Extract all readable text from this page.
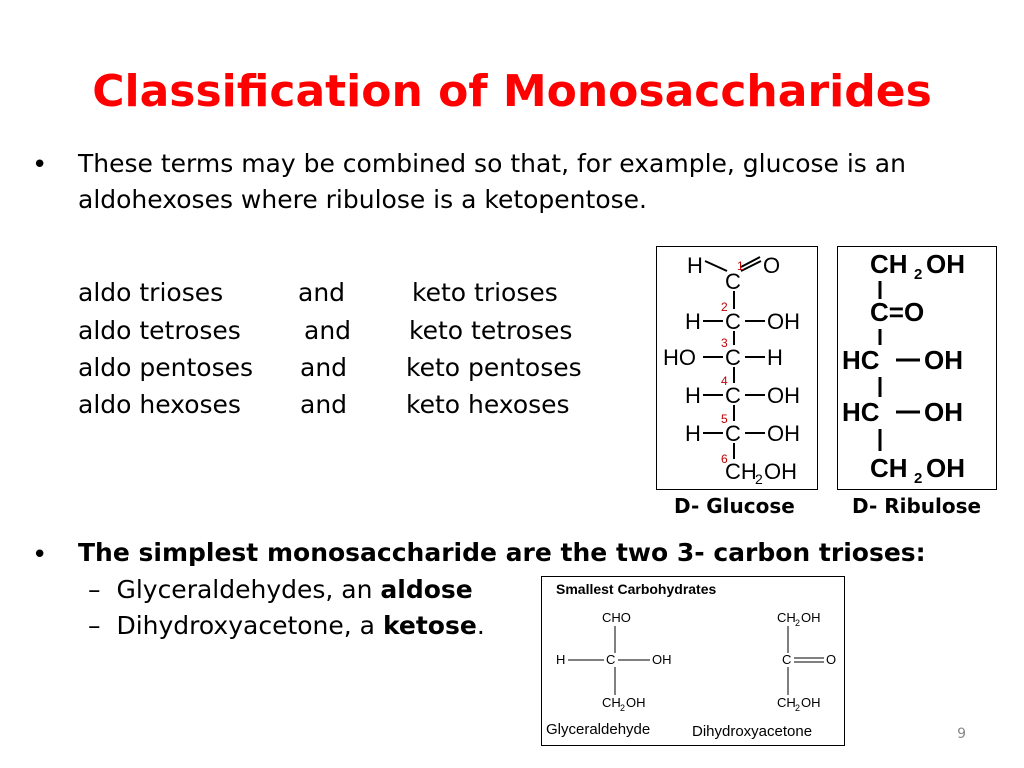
Classification of Monosaccharides
• These terms may be combined so that, for example, glucose is an aldohexoses where ribulose is a ketopentose.
aldo trioses	and	keto trioses
aldo tetroses	and keto tetroses
aldo pentoses and keto pentoses
aldo hexoses and keto hexoses
H	O
C
1
2
H C OH
3
HO C H
4
H C OH
5
H C OH
6
CH
2 OH
D- Glucose
CH 2 OH
C=O
HC OH
HC OH
CH 2 OH
D- Ribulose
• The simplest monosaccharide are the two 3- carbon trioses:
– Glyceraldehydes, an aldose
– Dihydroxyacetone, a ketose.
Smallest Carbohydrates
CHO
H	C	OH
CH 2 OH
CH 2 OH
C	O
CH 2 OH
Glyceraldehyde	Dihydroxyacetone	9
